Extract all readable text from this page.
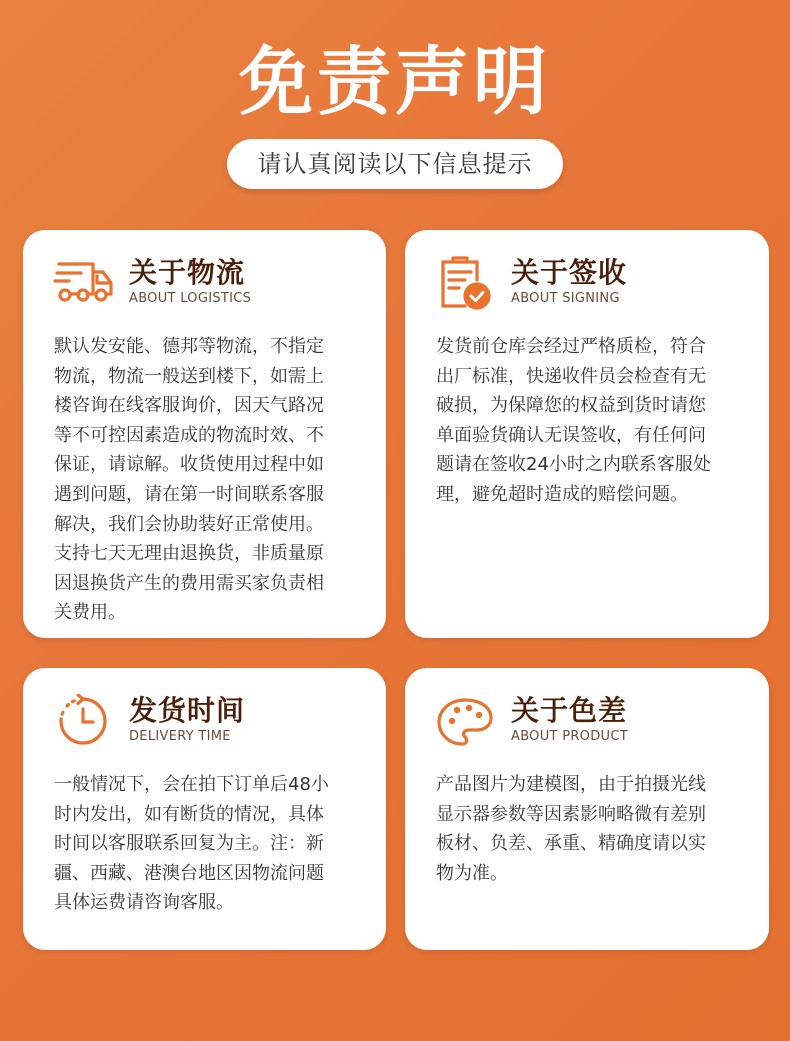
免责声明
请认真阅读以下信息提示
关于物流
ABOUT LOGISTICS
默认发安能、德邦等物流，不指定
物流，物流一般送到楼下，如需上
楼咨询在线客服询价，因天气路况
等不可控因素造成的物流时效、不
保证，请谅解。收货使用过程中如
遇到问题，请在第一时间联系客服
解决，我们会协助装好正常使用。
支持七天无理由退换货，非质量原
因退换货产生的费用需买家负责相
关费用。
关于签收
ABOUT SIGNING
发货前仓库会经过严格质检，符合
出厂标准，快递收件员会检查有无
破损，为保障您的权益到货时请您
单面验货确认无误签收，有任何问
题请在签收24小时之内联系客服处
理，避免超时造成的赔偿问题。
发货时间
DELIVERY TIME
一般情况下，会在拍下订单后48小
时内发出，如有断货的情况，具体
时间以客服联系回复为主。注：新
疆、西藏、港澳台地区因物流问题
具体运费请咨询客服。
关于色差
ABOUT PRODUCT
产品图片为建模图，由于拍摄光线
显示器参数等因素影响略微有差别
板材、负差、承重、精确度请以实
物为准。
